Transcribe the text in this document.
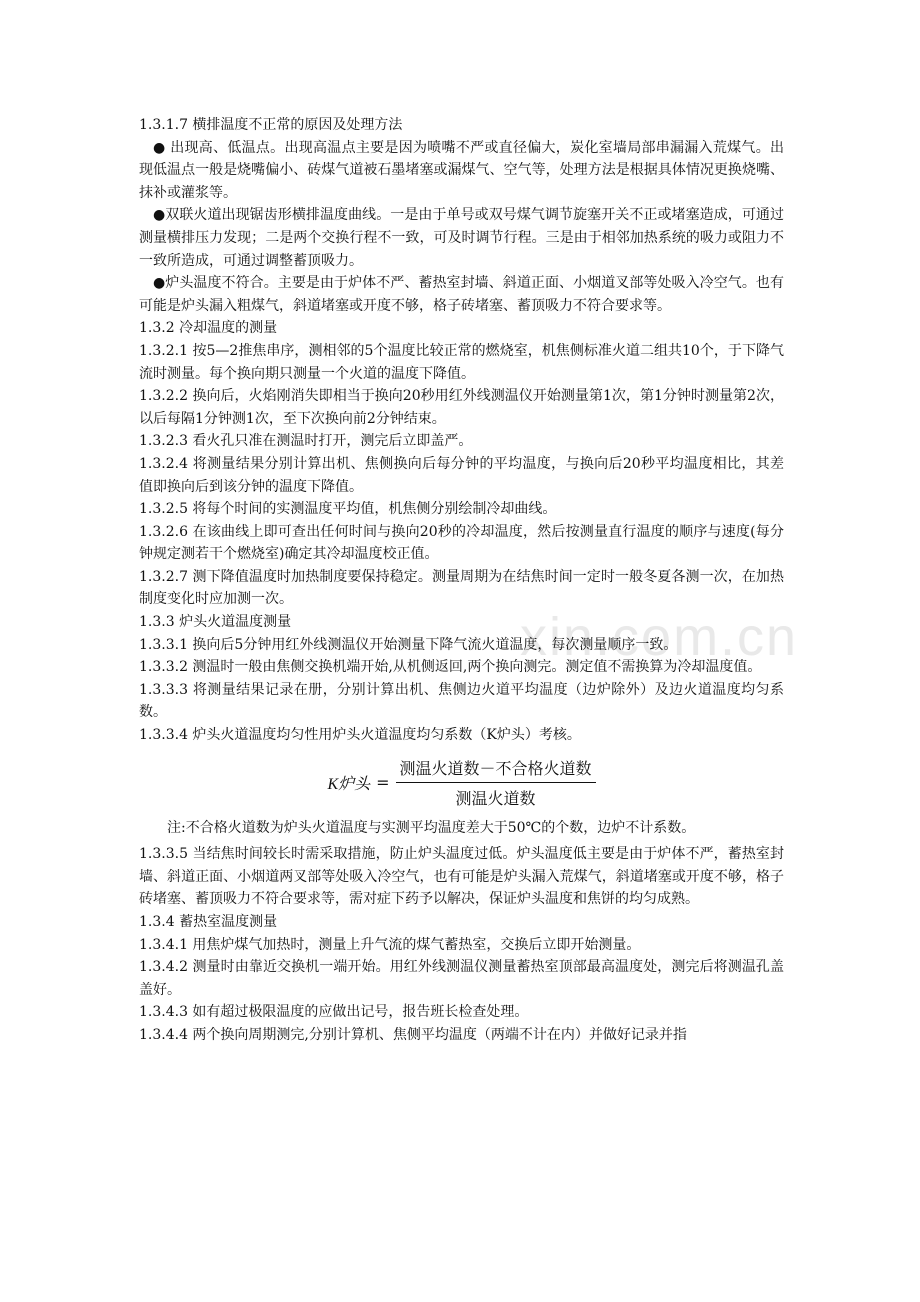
xin.com.cn

1.3.1.7 横排温度不正常的原因及处理方法

● 出现高、低温点。出现高温点主要是因为喷嘴不严或直径偏大，炭化室墙局部串漏漏入荒煤气。出现低温点一般是烧嘴偏小、砖煤气道被石墨堵塞或漏煤气、空气等，处理方法是根据具体情况更换烧嘴、抹补或灌浆等。

●双联火道出现锯齿形横排温度曲线。一是由于单号或双号煤气调节旋塞开关不正或堵塞造成，可通过测量横排压力发现；二是两个交换行程不一致，可及时调节行程。三是由于相邻加热系统的吸力或阻力不一致所造成，可通过调整蓄顶吸力。

●炉头温度不符合。主要是由于炉体不严、蓄热室封墙、斜道正面、小烟道叉部等处吸入冷空气。也有可能是炉头漏入粗煤气，斜道堵塞或开度不够，格子砖堵塞、蓄顶吸力不符合要求等。

1.3.2 冷却温度的测量

1.3.2.1 按5—2推焦串序，测相邻的5个温度比较正常的燃烧室，机焦侧标准火道二组共10个，于下降气流时测量。每个换向期只测量一个火道的温度下降值。

1.3.2.2 换向后，火焰刚消失即相当于换向20秒用红外线测温仪开始测量第1次，第1分钟时测量第2次，以后每隔1分钟测1次，至下次换向前2分钟结束。

1.3.2.3 看火孔只准在测温时打开，测完后立即盖严。

1.3.2.4 将测量结果分别计算出机、焦侧换向后每分钟的平均温度，与换向后20秒平均温度相比，其差值即换向后到该分钟的温度下降值。

1.3.2.5 将每个时间的实测温度平均值，机焦侧分别绘制冷却曲线。

1.3.2.6 在该曲线上即可查出任何时间与换向20秒的冷却温度，然后按测量直行温度的顺序与速度(每分钟规定测若干个燃烧室)确定其冷却温度校正值。

1.3.2.7 测下降值温度时加热制度要保持稳定。测量周期为在结焦时间一定时一般冬夏各测一次，在加热制度变化时应加测一次。

1.3.3 炉头火道温度测量

1.3.3.1 换向后5分钟用红外线测温仪开始测量下降气流火道温度，每次测量顺序一致。

1.3.3.2 测温时一般由焦侧交换机端开始,从机侧返回,两个换向测完。测定值不需换算为冷却温度值。

1.3.3.3 将测量结果记录在册，分别计算出机、焦侧边火道平均温度（边炉除外）及边火道温度均匀系数。

1.3.3.4 炉头火道温度均匀性用炉头火道温度均匀系数（K炉头）考核。

K炉头 = $\frac{\text{测温火道数－不合格火道数}}{\text{测温火道数}}$

注:不合格火道数为炉头火道温度与实测平均温度差大于50℃的个数，边炉不计系数。

1.3.3.5 当结焦时间较长时需采取措施，防止炉头温度过低。炉头温度低主要是由于炉体不严，蓄热室封墙、斜道正面、小烟道两叉部等处吸入冷空气，也有可能是炉头漏入荒煤气，斜道堵塞或开度不够，格子砖堵塞、蓄顶吸力不符合要求等，需对症下药予以解决，保证炉头温度和焦饼的均匀成熟。

1.3.4 蓄热室温度测量

1.3.4.1 用焦炉煤气加热时，测量上升气流的煤气蓄热室，交换后立即开始测量。

1.3.4.2 测量时由靠近交换机一端开始。用红外线测温仪测量蓄热室顶部最高温度处，测完后将测温孔盖盖好。

1.3.4.3 如有超过极限温度的应做出记号，报告班长检查处理。

1.3.4.4 两个换向周期测完,分别计算机、焦侧平均温度（两端不计在内）并做好记录并指
